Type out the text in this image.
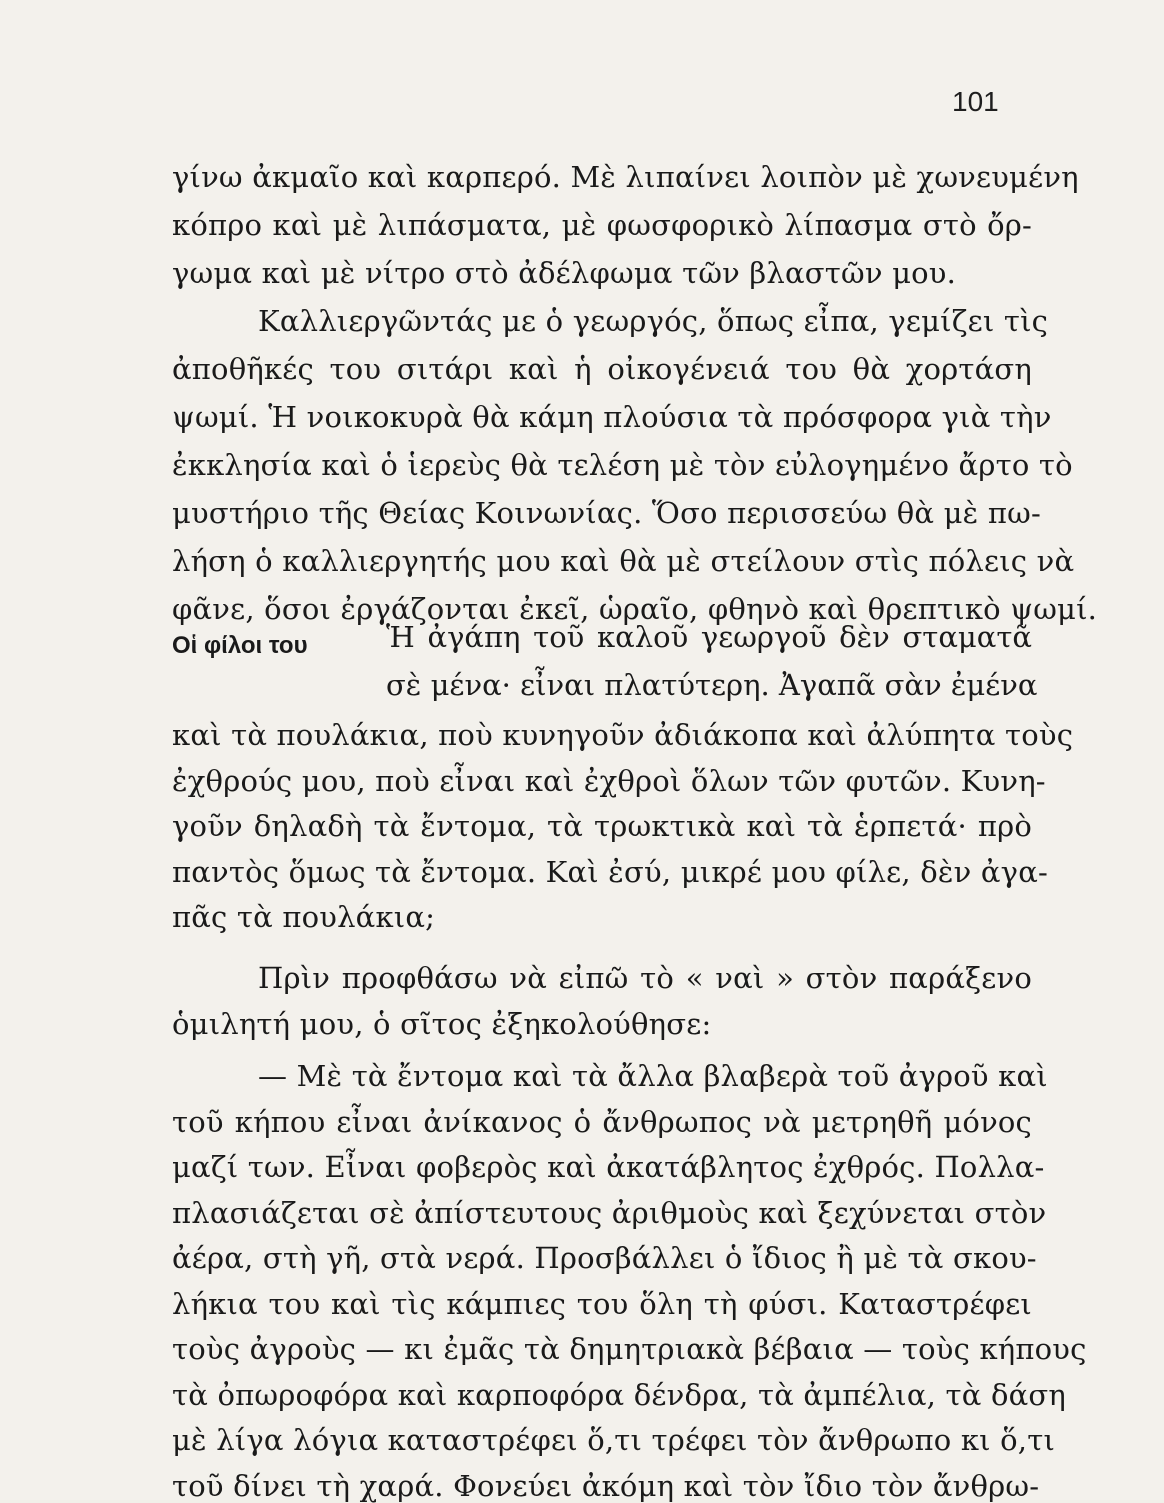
101
γίνω ἀκμαῖο καὶ καρπερό. Μὲ λιπαίνει λοιπὸν μὲ χωνευμένη
κόπρο καὶ μὲ λιπάσματα, μὲ φωσφορικὸ λίπασμα στὸ ὄρ-
γωμα καὶ μὲ νίτρο στὸ ἀδέλφωμα τῶν βλαστῶν μου.
Καλλιεργῶντάς με ὁ γεωργός, ὅπως εἶπα, γεμίζει τὶς
ἀποθῆκές του σιτάρι καὶ ἡ οἰκογένειά του θὰ χορτάση
ψωμί. Ἡ νοικοκυρὰ θὰ κάμη πλούσια τὰ πρόσφορα γιὰ τὴν
ἐκκλησία καὶ ὁ ἱερεὺς θὰ τελέση μὲ τὸν εὐλογημένο ἄρτο τὸ
μυστήριο τῆς Θείας Κοινωνίας. Ὅσο περισσεύω θὰ μὲ πω-
λήση ὁ καλλιεργητής μου καὶ θὰ μὲ στείλουν στὶς πόλεις νὰ
φᾶνε, ὅσοι ἐργάζονται ἐκεῖ, ὡραῖο, φθηνὸ καὶ θρεπτικὸ ψωμί.
καὶ τὰ πουλάκια, ποὺ κυνηγοῦν ἀδιάκοπα καὶ ἀλύπητα τοὺς
ἐχθρούς μου, ποὺ εἶναι καὶ ἐχθροὶ ὅλων τῶν φυτῶν. Κυνη-
γοῦν δηλαδὴ τὰ ἔντομα, τὰ τρωκτικὰ καὶ τὰ ἑρπετά· πρὸ
παντὸς ὅμως τὰ ἔντομα. Καὶ ἐσύ, μικρέ μου φίλε, δὲν ἀγα-
πᾶς τὰ πουλάκια;
Πρὶν προφθάσω νὰ εἰπῶ τὸ « ναὶ » στὸν παράξενο
ὁμιλητή μου, ὁ σῖτος ἐξηκολούθησε:
— Μὲ τὰ ἔντομα καὶ τὰ ἄλλα βλαβερὰ τοῦ ἀγροῦ καὶ
τοῦ κήπου εἶναι ἀνίκανος ὁ ἄνθρωπος νὰ μετρηθῆ μόνος
μαζί των. Εἶναι φοβερὸς καὶ ἀκατάβλητος ἐχθρός. Πολλα-
πλασιάζεται σὲ ἀπίστευτους ἀριθμοὺς καὶ ξεχύνεται στὸν
ἀέρα, στὴ γῆ, στὰ νερά. Προσβάλλει ὁ ἴδιος ἢ μὲ τὰ σκου-
λήκια του καὶ τὶς κάμπιες του ὅλη τὴ φύσι. Καταστρέφει
τοὺς ἀγροὺς — κι ἐμᾶς τὰ δημητριακὰ βέβαια — τοὺς κήπους
τὰ ὀπωροφόρα καὶ καρποφόρα δένδρα, τὰ ἀμπέλια, τὰ δάση
μὲ λίγα λόγια καταστρέφει ὅ,τι τρέφει τὸν ἄνθρωπο κι ὅ,τι
τοῦ δίνει τὴ χαρά. Φονεύει ἀκόμη καὶ τὸν ἴδιο τὸν ἄνθρω-
Οἱ φίλοι του	Ἡ ἀγάπη τοῦ καλοῦ γεωργοῦ δὲν σταματᾶ
σὲ μένα· εἶναι πλατύτερη. Ἀγαπᾶ σὰν ἐμένα
